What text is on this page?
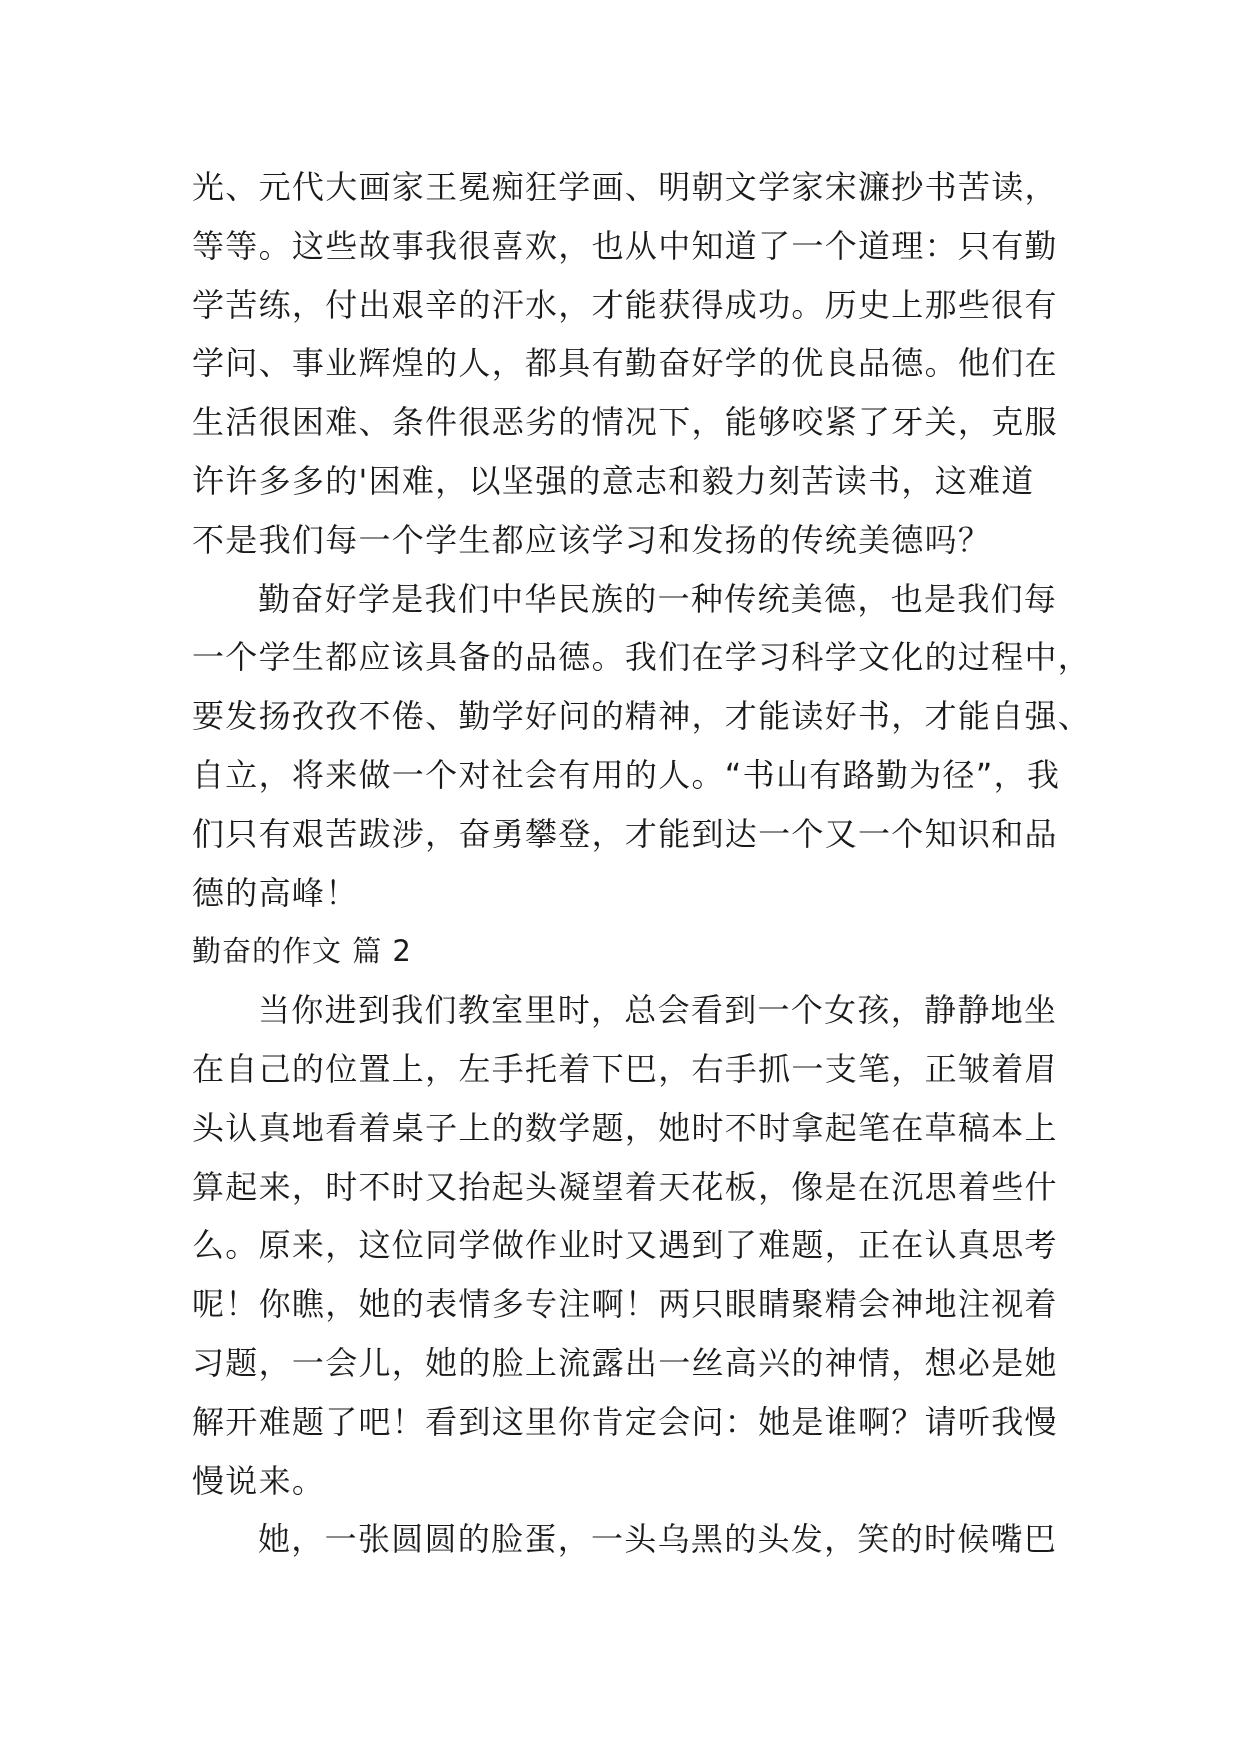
光、元代大画家王冕痴狂学画、明朝文学家宋濂抄书苦读，
等等。这些故事我很喜欢，也从中知道了一个道理：只有勤
学苦练，付出艰辛的汗水，才能获得成功。历史上那些很有
学问、事业辉煌的人，都具有勤奋好学的优良品德。他们在
生活很困难、条件很恶劣的情况下，能够咬紧了牙关，克服
许许多多的'困难，以坚强的意志和毅力刻苦读书，这难道
不是我们每一个学生都应该学习和发扬的传统美德吗？
勤奋好学是我们中华民族的一种传统美德，也是我们每
一个学生都应该具备的品德。我们在学习科学文化的过程中，
要发扬孜孜不倦、勤学好问的精神，才能读好书，才能自强、
自立，将来做一个对社会有用的人。“书山有路勤为径”，我
们只有艰苦跋涉，奋勇攀登，才能到达一个又一个知识和品
德的高峰！
勤奋的作文 篇 2
当你进到我们教室里时，总会看到一个女孩，静静地坐
在自己的位置上，左手托着下巴，右手抓一支笔，正皱着眉
头认真地看着桌子上的数学题，她时不时拿起笔在草稿本上
算起来，时不时又抬起头凝望着天花板，像是在沉思着些什
么。原来，这位同学做作业时又遇到了难题，正在认真思考
呢！你瞧，她的表情多专注啊！两只眼睛聚精会神地注视着
习题，一会儿，她的脸上流露出一丝高兴的神情，想必是她
解开难题了吧！看到这里你肯定会问：她是谁啊？请听我慢
慢说来。
她，一张圆圆的脸蛋，一头乌黑的头发，笑的时候嘴巴
